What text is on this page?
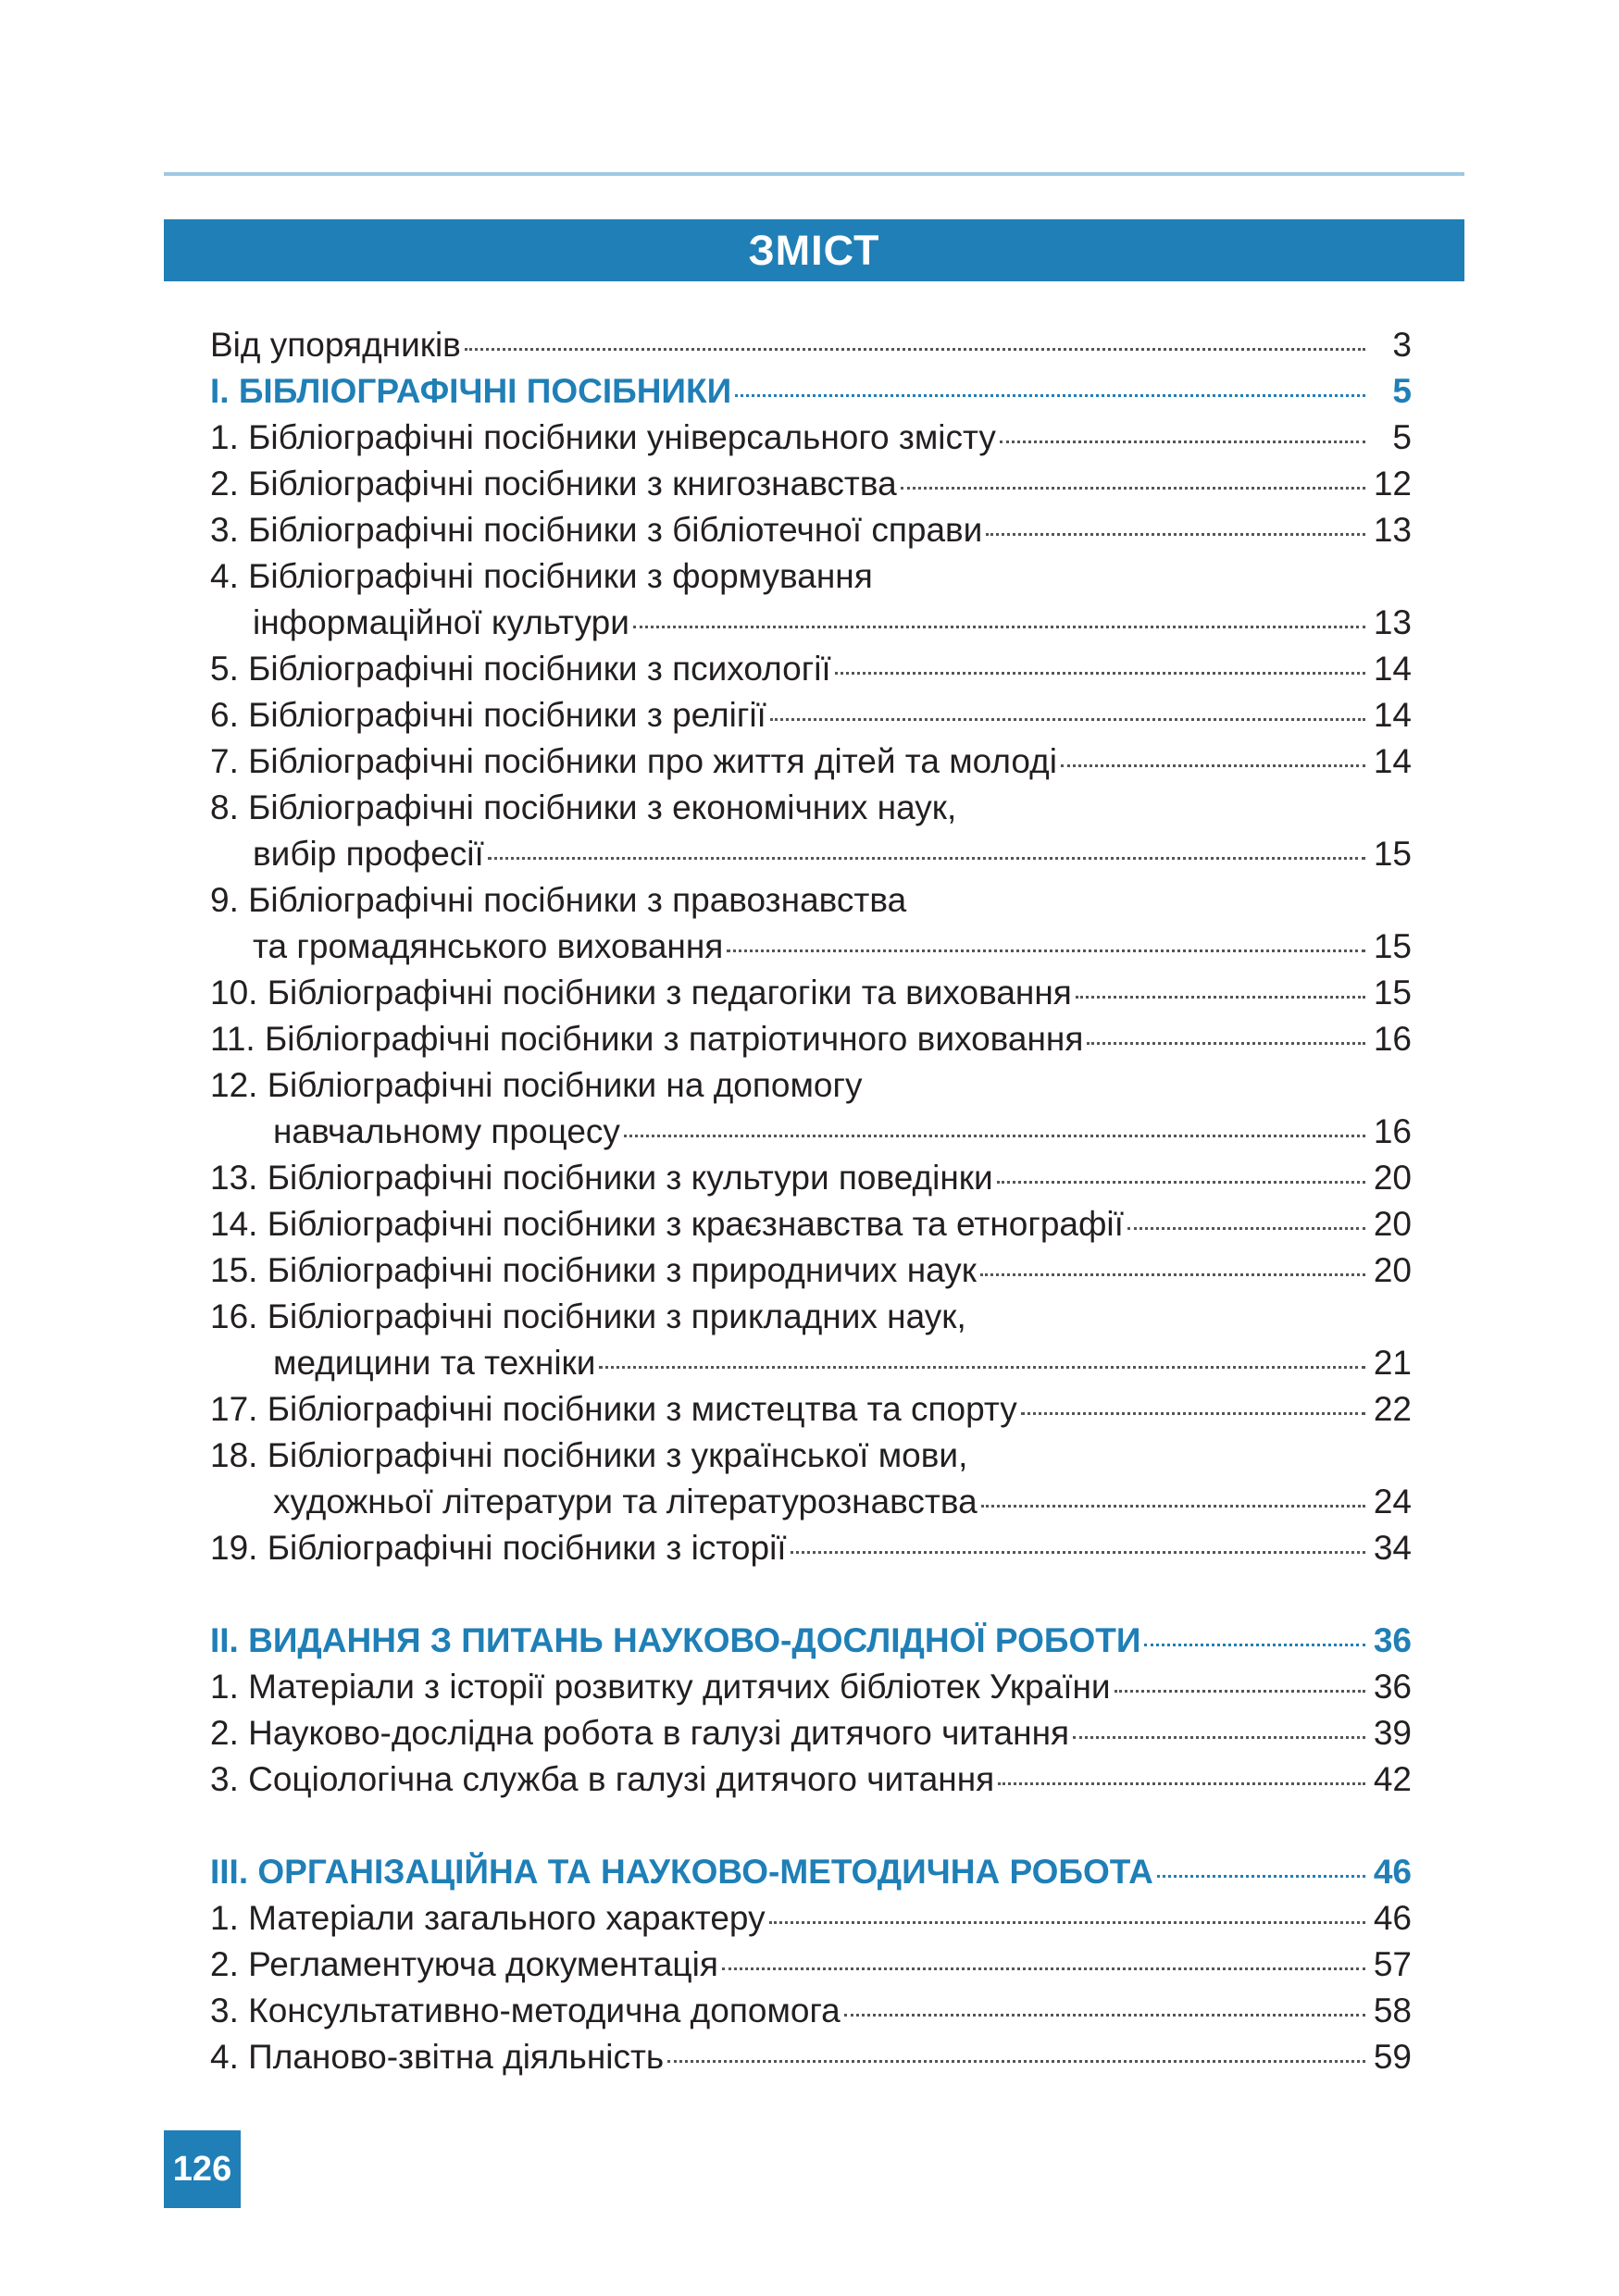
ЗМІСТ
Від упорядників	3
I. БІБЛІОГРАФІЧНІ ПОСІБНИКИ	5
1. Бібліографічні посібники універсального змісту	5
2. Бібліографічні посібники з книгознавства	12
3. Бібліографічні посібники з бібліотечної справи	13
4. Бібліографічні посібники з формування
інформаційної культури	13
5. Бібліографічні посібники з психології	14
6. Бібліографічні посібники з релігії	14
7. Бібліографічні посібники про життя дітей та молоді	14
8. Бібліографічні посібники з економічних наук,
вибір професії	15
9. Бібліографічні посібники з правознавства
та громадянського виховання	15
10. Бібліографічні посібники з педагогіки та виховання	15
11. Бібліографічні посібники з патріотичного виховання	16
12. Бібліографічні посібники на допомогу
навчальному процесу	16
13. Бібліографічні посібники з культури поведінки	20
14. Бібліографічні посібники з краєзнавства та етнографії	20
15. Бібліографічні посібники з природничих наук	20
16. Бібліографічні посібники з прикладних наук,
медицини та техніки	21
17. Бібліографічні посібники з мистецтва та спорту	22
18. Бібліографічні посібники з української мови,
художньої літератури та літературознавства	24
19. Бібліографічні посібники з історії	34
II. ВИДАННЯ З ПИТАНЬ НАУКОВО-ДОСЛІДНОЇ РОБОТИ	36
1. Матеріали з історії розвитку дитячих бібліотек України	36
2. Науково-дослідна робота в галузі дитячого читання	39
3. Соціологічна служба в галузі дитячого читання	42
III. ОРГАНІЗАЦІЙНА ТА НАУКОВО-МЕТОДИЧНА РОБОТА	46
1. Матеріали загального характеру	46
2. Регламентуюча документація	57
3. Консультативно-методична допомога	58
4. Планово-звітна діяльність	59
126
